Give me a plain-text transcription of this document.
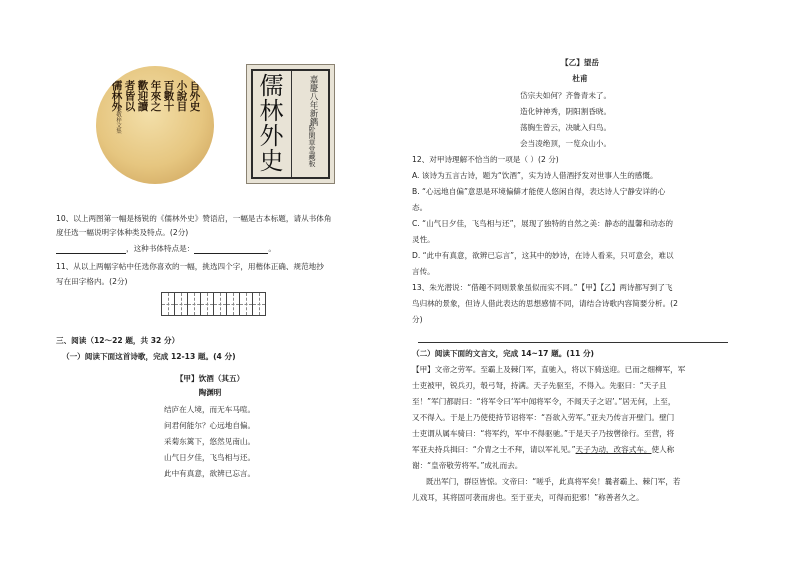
自外史
小說目
百數十
年來之
歡迎讀
者皆以
儒林外
吳敬梓文集	儒林外史	嘉慶八年新鐫
卧閑草堂藏板
10、以上两图第一幅是杨锐的《儒林外史》赞语启，一幅是古本标题，请从书体角
度任选一幅说明字体种类及特点。(2分)
，这种书体特点是：	。
11、从以上两幅字帖中任选你喜欢的一幅，挑选四个字，用楷体正确、规范地抄
写在田字格内。(2分)
三、阅读（12～22 题，共 32 分）
（一）阅读下面这首诗歌，完成 12-13 题。(4 分)
【甲】饮酒（其五）
陶渊明
结庐在人境，而无车马喧。
问君何能尔？心远地自偏。
采菊东篱下，悠然见南山。
山气日夕佳，飞鸟相与还。
此中有真意，欲辨已忘言。
【乙】望岳
杜甫
岱宗夫如何？齐鲁青未了。
造化钟神秀，阴阳割昏晓。
荡胸生曾云，决眦入归鸟。
会当凌绝顶，一览众山小。
12、对甲诗理解不恰当的一项是（ ）(2 分)
A. 该诗为五言古诗，题为“饮酒”，实为诗人借酒抒发对世事人生的感慨。
B. “心远地自偏”意思是环境偏僻才能使人悠闲自得，表达诗人宁静安详的心
态。
C. “山气日夕佳，飞鸟相与还”，展现了独特的自然之美：静态的温馨和动态的
灵性。
D. “此中有真意，欲辨已忘言”，这其中的妙诗，在诗人看来，只可意会，难以
言传。
13、朱光潜说：“借趣不同则景象虽似而实不同。”【甲】【乙】两诗都写到了飞
鸟归林的景象，但诗人借此表达的思想感情不同，请结合诗歌内容简要分析。(2
分)
（二）阅读下面的文言文，完成 14~17 题。(11 分)
【甲】文帝之劳军。至霸上及棘门军，直驰入，将以下骑送迎。已而之细柳军，军
士吏被甲，锐兵刃，彀弓弩，持满。天子先驱至，不得入。先驱曰：“天子且
至！”军门都尉曰：“将军令曰‘军中闻将军令，不闻天子之诏’。”居无何，上至，
又不得入。于是上乃使使持节诏将军：“吾欲入劳军。”亚夫乃传言开壁门。壁门
士吏谓从属车骑曰：“将军约，军中不得驱驰。”于是天子乃按辔徐行。至营，将
军亚夫持兵揖曰：“介胄之士不拜，请以军礼见。”天子为动，改容式车。使人称
谢：“皇帝敬劳将军。”成礼而去。
既出军门，群臣皆惊。文帝曰：“嗟乎，此真将军矣！曩者霸上、棘门军，若
儿戏耳，其将固可袭而虏也。至于亚夫，可得而犯邪！”称善者久之。
